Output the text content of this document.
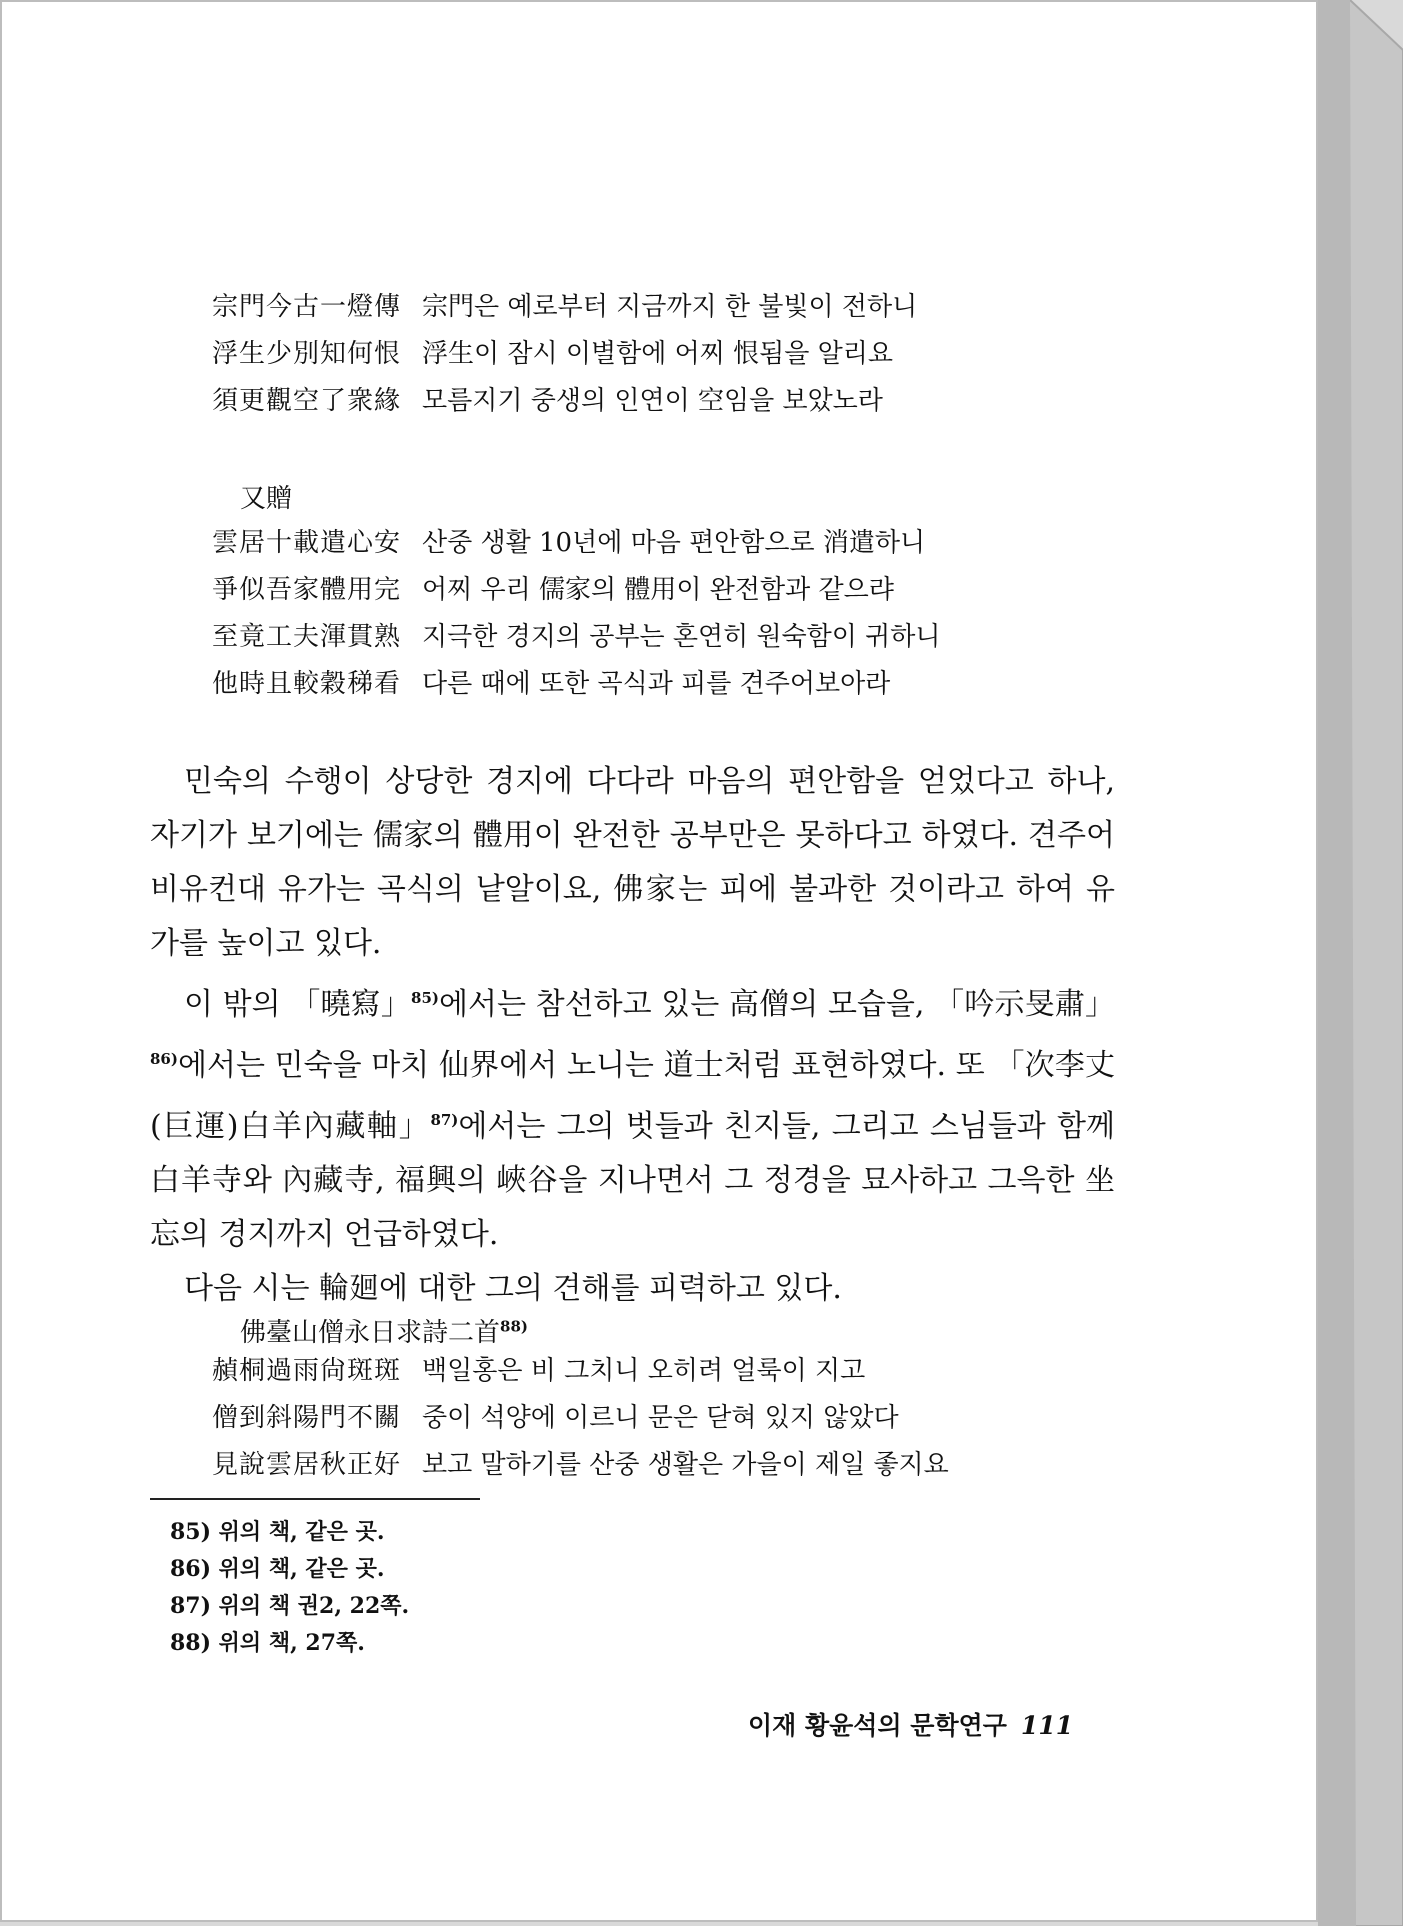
宗門今古一燈傳 宗門은 예로부터 지금까지 한 불빛이 전하니
浮生少別知何恨 浮生이 잠시 이별함에 어찌 恨됨을 알리요
須更觀空了衆緣 모름지기 중생의 인연이 空임을 보았노라
又贈
雲居十載遣心安 산중 생활 10년에 마음 편안함으로 消遣하니
爭似吾家體用完 어찌 우리 儒家의 體用이 완전함과 같으랴
至竟工夫渾貫熟 지극한 경지의 공부는 혼연히 원숙함이 귀하니
他時且較穀稊看 다른 때에 또한 곡식과 피를 견주어보아라

민숙의 수행이 상당한 경지에 다다라 마음의 편안함을 얻었다고 하나, 자기가 보기에는 儒家의 體用이 완전한 공부만은 못하다고 하였다. 견주어 비유컨대 유가는 곡식의 낱알이요, 佛家는 피에 불과한 것이라고 하여 유가를 높이고 있다.

이 밖의 「曉寫」$^{85)}$에서는 참선하고 있는 高僧의 모습을, 「吟示旻肅」$^{86)}$에서는 민숙을 마치 仙界에서 노니는 道士처럼 표현하였다. 또 「次李丈(巨運)白羊內藏軸」$^{87)}$에서는 그의 벗들과 친지들, 그리고 스님들과 함께 白羊寺와 內藏寺, 福興의 峽谷을 지나면서 그 정경을 묘사하고 그윽한 坐忘의 경지까지 언급하였다.

다음 시는 輪廻에 대한 그의 견해를 피력하고 있다.

佛臺山僧永日求詩二首$^{88)}$
赬桐過雨尙斑斑 백일홍은 비 그치니 오히려 얼룩이 지고
僧到斜陽門不關 중이 석양에 이르니 문은 닫혀 있지 않았다
見說雲居秋正好 보고 말하기를 산중 생활은 가을이 제일 좋지요
85) 위의 책, 같은 곳.
86) 위의 책, 같은 곳.
87) 위의 책 권2, 22쪽.
88) 위의 책, 27쪽.
이재 황윤석의 문학연구 111
